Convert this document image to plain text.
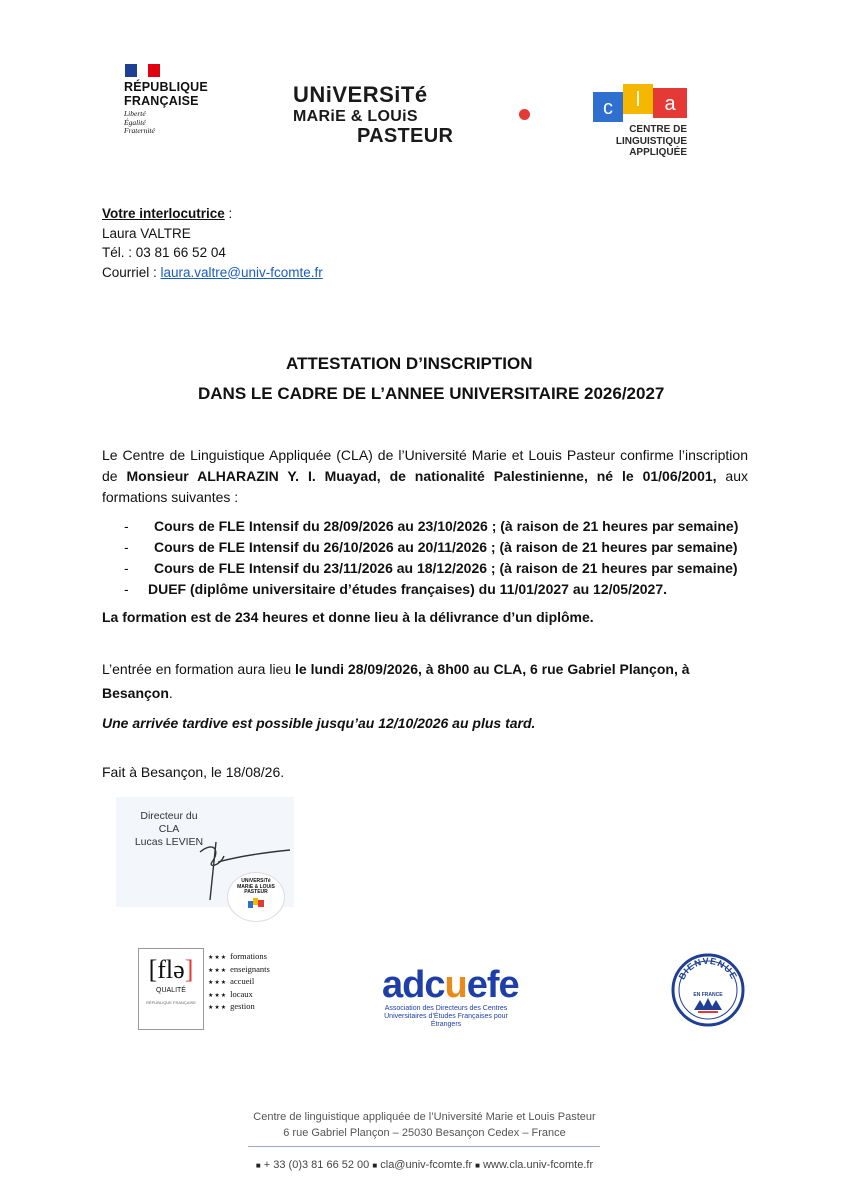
RÉPUBLIQUE
FRANÇAISE
Liberté
Égalité
Fraternité
UNiVERSiTé
MARiE & LOUiS
PASTEUR
c l a
CENTRE DE
LINGUISTIQUE APPLIQUÉE
Votre interlocutrice :
Laura VALTRE
Tél. : 03 81 66 52 04
Courriel : laura.valtre@univ-fcomte.fr
ATTESTATION D’INSCRIPTION
DANS LE CADRE DE L’ANNEE UNIVERSITAIRE 2026/2027
Le Centre de Linguistique Appliquée (CLA) de l’Université Marie et Louis Pasteur confirme l’inscription de Monsieur ALHARAZIN Y. I. Muayad, de nationalité Palestinienne, né le 01/06/2001, aux formations suivantes :
-	Cours de FLE Intensif du 28/09/2026 au 23/10/2026 ; (à raison de 21 heures par semaine)
-	Cours de FLE Intensif du 26/10/2026 au 20/11/2026 ; (à raison de 21 heures par semaine)
-	Cours de FLE Intensif du 23/11/2026 au 18/12/2026 ; (à raison de 21 heures par semaine)
-	DUEF (diplôme universitaire d’études françaises) du 11/01/2027 au 12/05/2027.
La formation est de 234 heures et donne lieu à la délivrance d’un diplôme.
L’entrée en formation aura lieu le lundi 28/09/2026, à 8h00 au CLA, 6 rue Gabriel Plançon, à
Besançon.
Une arrivée tardive est possible jusqu’au 12/10/2026 au plus tard.
Fait à Besançon, le 18/08/26.
Directeur du CLA
Lucas LEVIEN
UNiVERSiTé
MARiE & LOUiS
PASTEUR
[flə]
QUALITÉ
RÉPUBLIQUE FRANÇAISE
★★★ formations
★★★ enseignants
★★★ accueil
★★★ locaux
★★★ gestion	adcuefe
Association des Directeurs des Centres Universitaires d’Études Françaises pour Étrangers
BIENVENUE
EN FRANCE
Centre de linguistique appliquée de l’Université Marie et Louis Pasteur
6 rue Gabriel Plançon – 25030 Besançon Cedex – France
■ + 33 (0)3 81 66 52 00 ■ cla@univ-fcomte.fr ■ www.cla.univ-fcomte.fr
